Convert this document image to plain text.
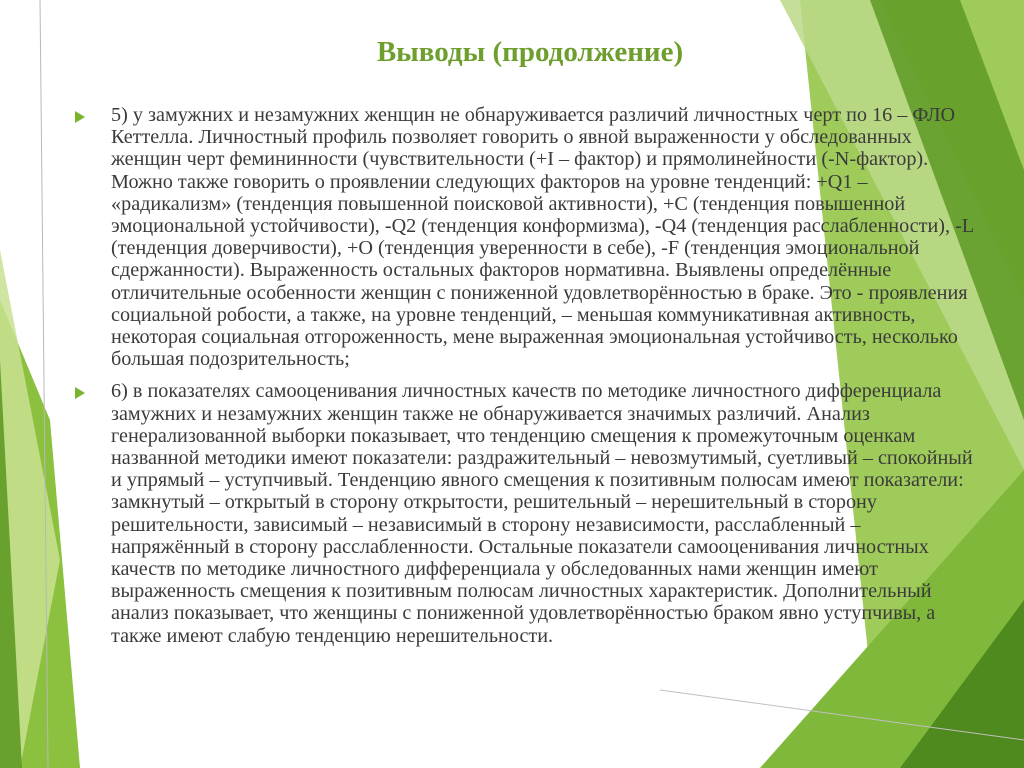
Выводы (продолжение)

5) у замужних и незамужних женщин не обнаруживается различий личностных черт по 16 – ФЛО Кеттелла. Личностный профиль позволяет говорить о явной выраженности у обследованных женщин черт фемининности (чувствительности (+I – фактор) и прямолинейности (-N-фактор). Можно также говорить о проявлении следующих факторов на уровне тенденций: +Q1 – «радикализм» (тенденция повышенной поисковой активности), +С (тенденция повышенной эмоциональной устойчивости), -Q2 (тенденция конформизма), -Q4 (тенденция расслабленности), -L (тенденция доверчивости), +О (тенденция уверенности в себе), -F (тенденция эмоциональной сдержанности). Выраженность остальных факторов нормативна. Выявлены определённые отличительные особенности женщин с пониженной удовлетворённостью в браке. Это - проявления социальной робости, а также, на уровне тенденций, – меньшая коммуникативная активность, некоторая социальная отгороженность, мене выраженная эмоциональная устойчивость, несколько большая подозрительность;

6) в показателях самооценивания личностных качеств по методике личностного дифференциала замужних и незамужних женщин также не обнаруживается значимых различий. Анализ генерализованной выборки показывает, что тенденцию смещения к промежуточным оценкам названной методики имеют показатели: раздражительный – невозмутимый, суетливый – спокойный и упрямый – уступчивый. Тенденцию явного смещения к позитивным полюсам имеют показатели: замкнутый – открытый в сторону открытости, решительный – нерешительный в сторону решительности, зависимый – независимый в сторону независимости, расслабленный – напряжённый в сторону расслабленности. Остальные показатели самооценивания личностных качеств по методике личностного дифференциала у обследованных нами женщин имеют выраженность смещения к позитивным полюсам личностных характеристик. Дополнительный анализ показывает, что женщины с пониженной удовлетворённостью браком явно уступчивы, а также имеют слабую тенденцию нерешительности.
